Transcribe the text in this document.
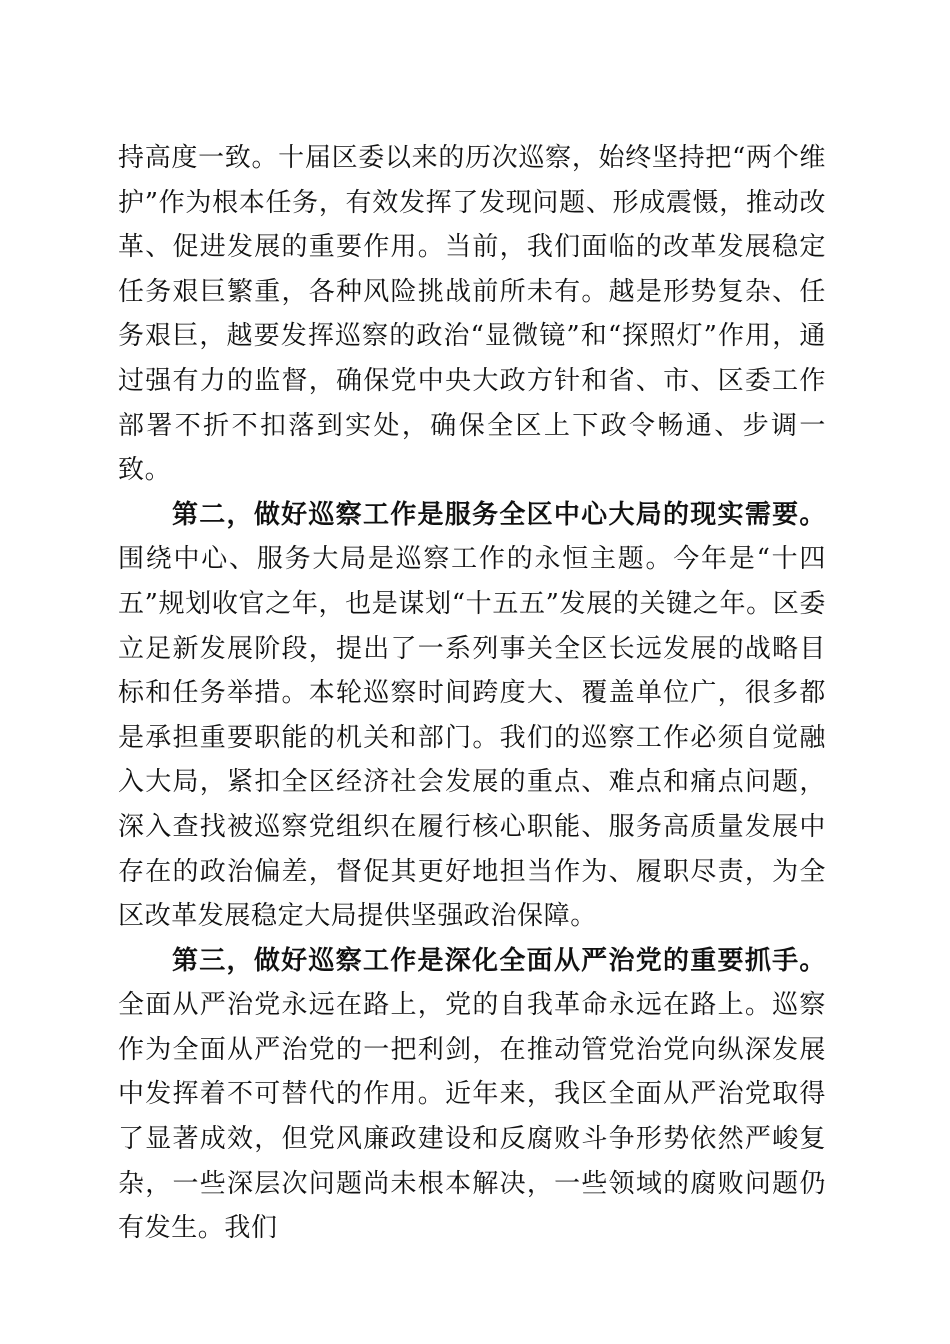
持高度一致。十届区委以来的历次巡察，始终坚持把“两个维护”作为根本任务，有效发挥了发现问题、形成震慑，推动改革、促进发展的重要作用。当前，我们面临的改革发展稳定任务艰巨繁重，各种风险挑战前所未有。越是形势复杂、任务艰巨，越要发挥巡察的政治“显微镜”和“探照灯”作用，通过强有力的监督，确保党中央大政方针和省、市、区委工作部署不折不扣落到实处，确保全区上下政令畅通、步调一致。

第二，做好巡察工作是服务全区中心大局的现实需要。围绕中心、服务大局是巡察工作的永恒主题。今年是“十四五”规划收官之年，也是谋划“十五五”发展的关键之年。区委立足新发展阶段，提出了一系列事关全区长远发展的战略目标和任务举措。本轮巡察时间跨度大、覆盖单位广，很多都是承担重要职能的机关和部门。我们的巡察工作必须自觉融入大局，紧扣全区经济社会发展的重点、难点和痛点问题，深入查找被巡察党组织在履行核心职能、服务高质量发展中存在的政治偏差，督促其更好地担当作为、履职尽责，为全区改革发展稳定大局提供坚强政治保障。

第三，做好巡察工作是深化全面从严治党的重要抓手。全面从严治党永远在路上，党的自我革命永远在路上。巡察作为全面从严治党的一把利剑，在推动管党治党向纵深发展中发挥着不可替代的作用。近年来，我区全面从严治党取得了显著成效，但党风廉政建设和反腐败斗争形势依然严峻复杂，一些深层次问题尚未根本解决，一些领域的腐败问题仍有发生。我们
